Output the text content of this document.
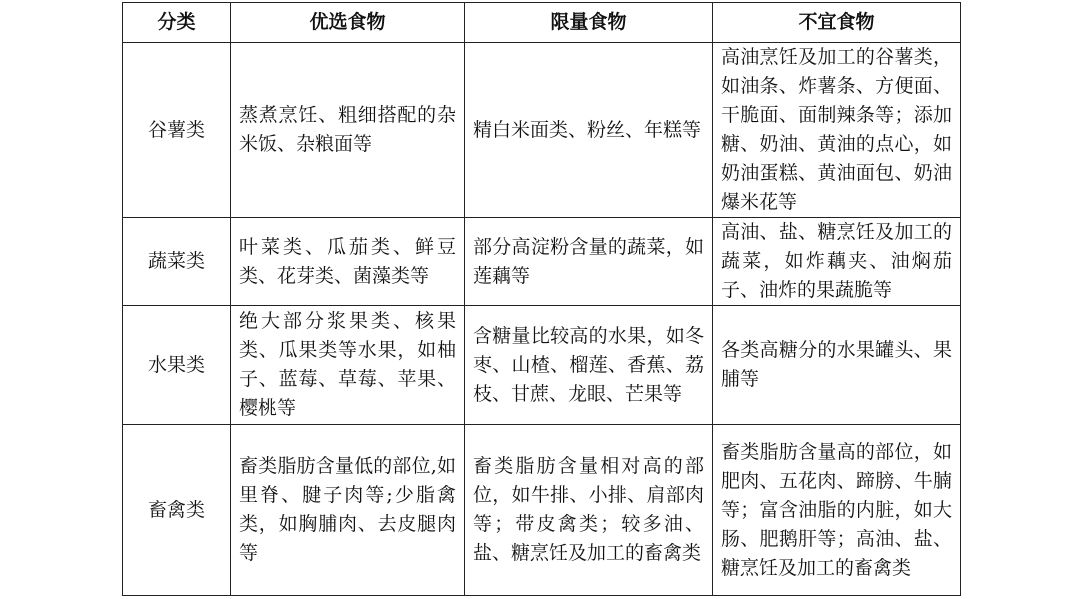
分类	优选食物	限量食物	不宜食物
谷薯类	蒸煮烹饪、粗细搭配的杂米饭、杂粮面等	精白米面类、粉丝、年糕等	高油烹饪及加工的谷薯类，如油条、炸薯条、方便面、干脆面、面制辣条等；添加糖、奶油、黄油的点心，如奶油蛋糕、黄油面包、奶油爆米花等
蔬菜类	叶菜类、瓜茄类、鲜豆类、花芽类、菌藻类等	部分高淀粉含量的蔬菜，如莲藕等	高油、盐、糖烹饪及加工的蔬菜，如炸藕夹、油焖茄子、油炸的果蔬脆等
水果类	绝大部分浆果类、核果类、瓜果类等水果，如柚子、蓝莓、草莓、苹果、樱桃等	含糖量比较高的水果，如冬枣、山楂、榴莲、香蕉、荔枝、甘蔗、龙眼、芒果等	各类高糖分的水果罐头、果脯等
畜禽类	畜类脂肪含量低的部位,如里脊、腱子肉等;少脂禽类，如胸脯肉、去皮腿肉等	畜类脂肪含量相对高的部位，如牛排、小排、肩部肉等；带皮禽类；较多油、盐、糖烹饪及加工的畜禽类	畜类脂肪含量高的部位，如肥肉、五花肉、蹄膀、牛腩等；富含油脂的内脏，如大肠、肥鹅肝等；高油、盐、糖烹饪及加工的畜禽类
